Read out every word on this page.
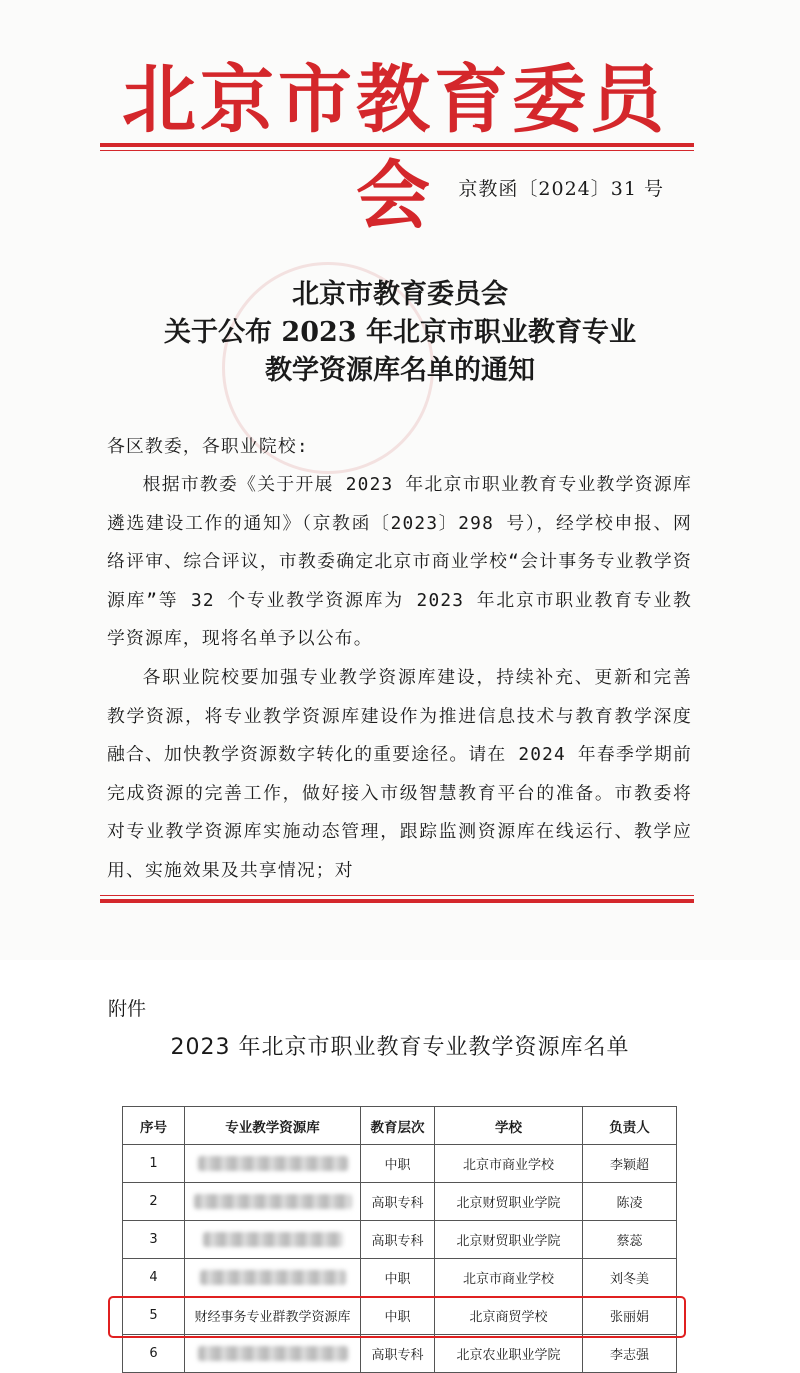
北京市教育委员会	京教函〔2024〕31 号
北京市教育委员会
关于公布 2023 年北京市职业教育专业
教学资源库名单的通知
各区教委，各职业院校:
根据市教委《关于开展 2023 年北京市职业教育专业教学资源库遴选建设工作的通知》（京教函〔2023〕298 号），经学校申报、网络评审、综合评议，市教委确定北京市商业学校“会计事务专业教学资源库”等 32 个专业教学资源库为 2023 年北京市职业教育专业教学资源库，现将名单予以公布。
各职业院校要加强专业教学资源库建设，持续补充、更新和完善教学资源，将专业教学资源库建设作为推进信息技术与教育教学深度融合、加快教学资源数字转化的重要途径。请在 2024 年春季学期前完成资源的完善工作，做好接入市级智慧教育平台的准备。市教委将对专业教学资源库实施动态管理，跟踪监测资源库在线运行、教学应用、实施效果及共享情况；对
附件
2023 年北京市职业教育专业教学资源库名单
序号	专业教学资源库	教育层次	学校	负责人
1		中职	北京市商业学校	李颖超
2		高职专科	北京财贸职业学院	陈凌
3		高职专科	北京财贸职业学院	蔡蕊
4		中职	北京市商业学校	刘冬美
5	财经事务专业群教学资源库	中职	北京商贸学校	张丽娟
6		高职专科	北京农业职业学院	李志强
